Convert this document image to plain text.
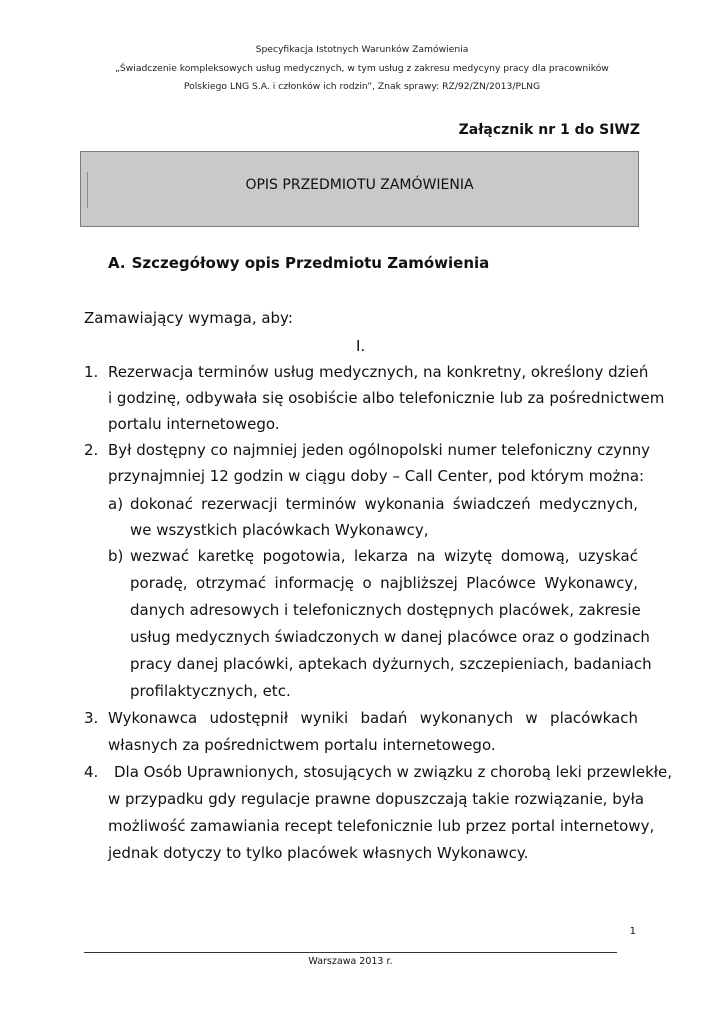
Specyfikacja Istotnych Warunków Zamówienia
„Świadczenie kompleksowych usług medycznych, w tym usług z zakresu medycyny pracy dla pracowników
Polskiego LNG S.A. i członków ich rodzin”, Znak sprawy: RZ/92/ZN/2013/PLNG
Załącznik nr 1 do SIWZ
OPIS PRZEDMIOTU ZAMÓWIENIA
A. Szczegółowy opis Przedmiotu Zamówienia
Zamawiający wymaga, aby:
I.
1. Rezerwacja terminów usług medycznych, na konkretny, określony dzień
i godzinę, odbywała się osobiście albo telefonicznie lub za pośrednictwem
portalu internetowego.
2. Był dostępny co najmniej jeden ogólnopolski numer telefoniczny czynny
przynajmniej 12 godzin w ciągu doby – Call Center, pod którym można:
a) dokonać rezerwacji terminów wykonania świadczeń medycznych,
we wszystkich placówkach Wykonawcy,
b) wezwać karetkę pogotowia, lekarza na wizytę domową, uzyskać
poradę, otrzymać informację o najbliższej Placówce Wykonawcy,
danych adresowych i telefonicznych dostępnych placówek, zakresie
usług medycznych świadczonych w danej placówce oraz o godzinach
pracy danej placówki, aptekach dyżurnych, szczepieniach, badaniach
profilaktycznych, etc.
3. Wykonawca udostępnił wyniki badań wykonanych w placówkach
własnych za pośrednictwem portalu internetowego.
4. Dla Osób Uprawnionych, stosujących w związku z chorobą leki przewlekłe,
w przypadku gdy regulacje prawne dopuszczają takie rozwiązanie, była
możliwość zamawiania recept telefonicznie lub przez portal internetowy,
jednak dotyczy to tylko placówek własnych Wykonawcy.
1
Warszawa 2013 r.
